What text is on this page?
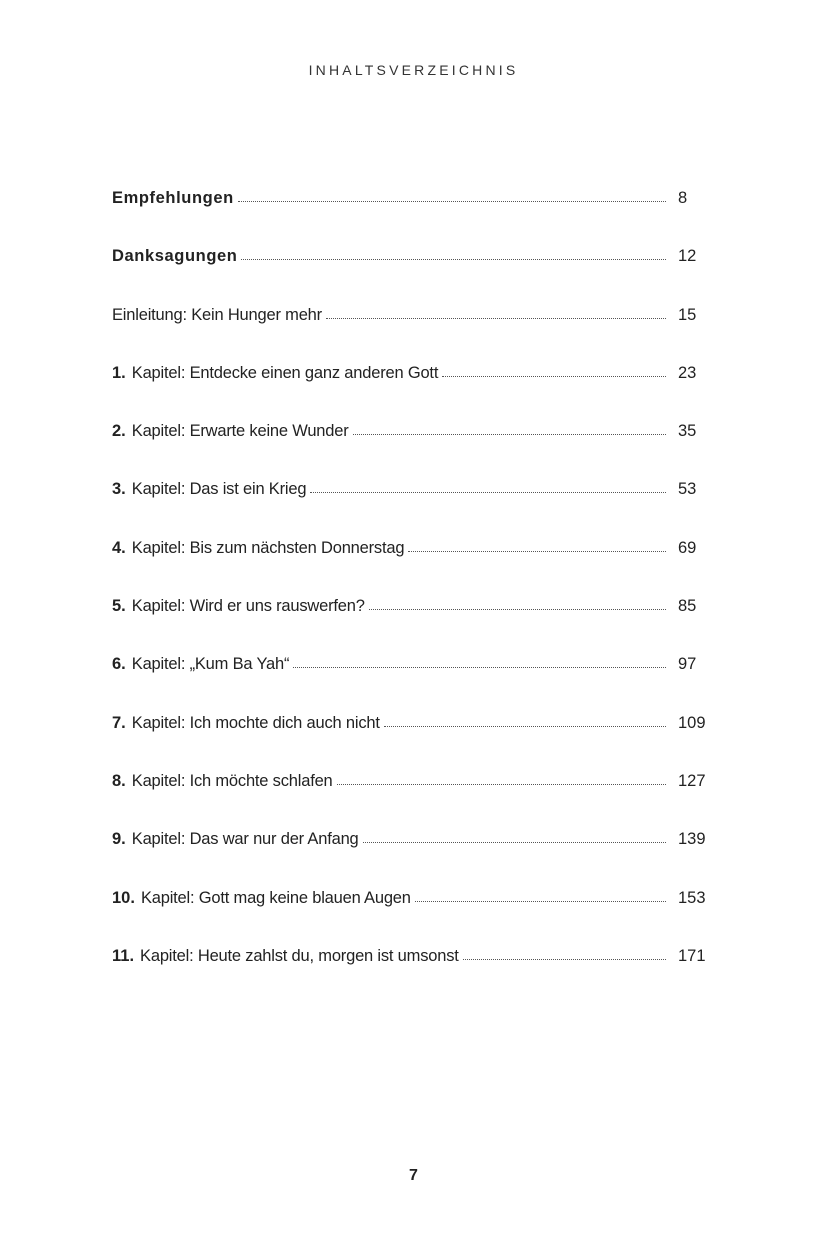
INHALTSVERZEICHNIS
Empfehlungen	8
Danksagungen	12
Einleitung: Kein Hunger mehr	15
1. Kapitel: Entdecke einen ganz anderen Gott	23
2. Kapitel: Erwarte keine Wunder	35
3. Kapitel: Das ist ein Krieg	53
4. Kapitel: Bis zum nächsten Donnerstag	69
5. Kapitel: Wird er uns rauswerfen?	85
6. Kapitel: „Kum Ba Yah“	97
7. Kapitel: Ich mochte dich auch nicht	109
8. Kapitel: Ich möchte schlafen	127
9. Kapitel: Das war nur der Anfang	139
10. Kapitel: Gott mag keine blauen Augen	153
11. Kapitel: Heute zahlst du, morgen ist umsonst	171
7
